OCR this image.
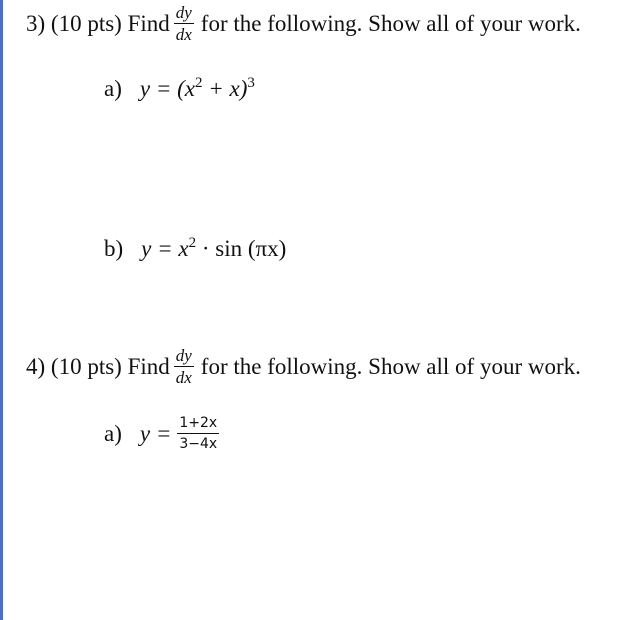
3) (10 pts) Find $\frac{dy}{dx}$ for the following. Show all of your work.
a) $y = (x^2 + x)^3$
b) $y = x^2 \cdot \sin (\pi x)$
4) (10 pts) Find $\frac{dy}{dx}$ for the following. Show all of your work.
a) $y = \frac{1+2x}{3-4x}$
